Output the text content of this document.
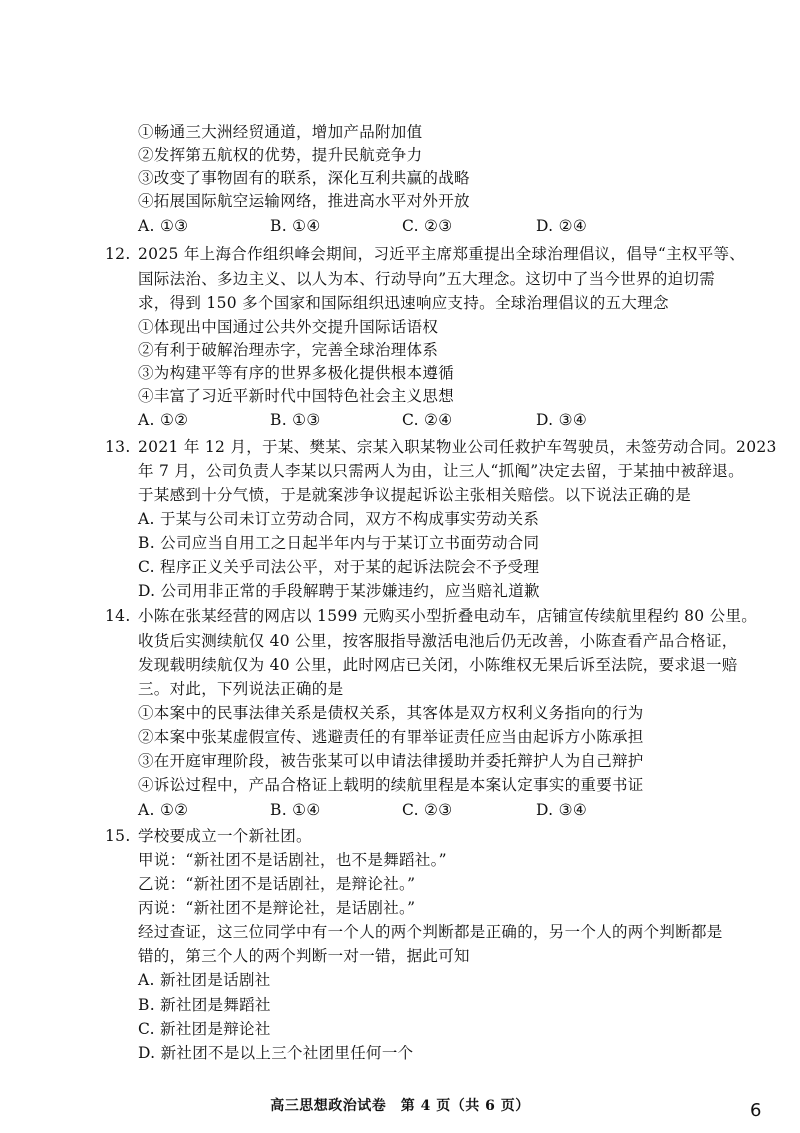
①畅通三大洲经贸通道，增加产品附加值
②发挥第五航权的优势，提升民航竞争力
③改变了事物固有的联系，深化互利共赢的战略
④拓展国际航空运输网络，推进高水平对外开放
A. ①③	B. ①④	C. ②③	D. ②④
12. 2025 年上海合作组织峰会期间，习近平主席郑重提出全球治理倡议，倡导“主权平等、
国际法治、多边主义、以人为本、行动导向”五大理念。这切中了当今世界的迫切需
求，得到 150 多个国家和国际组织迅速响应支持。全球治理倡议的五大理念
①体现出中国通过公共外交提升国际话语权
②有利于破解治理赤字，完善全球治理体系
③为构建平等有序的世界多极化提供根本遵循
④丰富了习近平新时代中国特色社会主义思想
A. ①②	B. ①③	C. ②④	D. ③④
13. 2021 年 12 月，于某、樊某、宗某入职某物业公司任救护车驾驶员，未签劳动合同。2023
年 7 月，公司负责人李某以只需两人为由，让三人“抓阄”决定去留，于某抽中被辞退。
于某感到十分气愤，于是就案涉争议提起诉讼主张相关赔偿。以下说法正确的是
A. 于某与公司未订立劳动合同，双方不构成事实劳动关系
B. 公司应当自用工之日起半年内与于某订立书面劳动合同
C. 程序正义关乎司法公平，对于某的起诉法院会不予受理
D. 公司用非正常的手段解聘于某涉嫌违约，应当赔礼道歉
14. 小陈在张某经营的网店以 1599 元购买小型折叠电动车，店铺宣传续航里程约 80 公里。
收货后实测续航仅 40 公里，按客服指导激活电池后仍无改善，小陈查看产品合格证，
发现载明续航仅为 40 公里，此时网店已关闭，小陈维权无果后诉至法院，要求退一赔
三。对此，下列说法正确的是
①本案中的民事法律关系是债权关系，其客体是双方权利义务指向的行为
②本案中张某虚假宣传、逃避责任的有罪举证责任应当由起诉方小陈承担
③在开庭审理阶段，被告张某可以申请法律援助并委托辩护人为自己辩护
④诉讼过程中，产品合格证上载明的续航里程是本案认定事实的重要书证
A. ①②	B. ①④	C. ②③	D. ③④
15. 学校要成立一个新社团。
甲说：“新社团不是话剧社，也不是舞蹈社。”
乙说：“新社团不是话剧社，是辩论社。”
丙说：“新社团不是辩论社，是话剧社。”
经过查证，这三位同学中有一个人的两个判断都是正确的，另一个人的两个判断都是
错的，第三个人的两个判断一对一错，据此可知
A. 新社团是话剧社
B. 新社团是舞蹈社
C. 新社团是辩论社
D. 新社团不是以上三个社团里任何一个
高三思想政治试卷　第 4 页（共 6 页）	6
